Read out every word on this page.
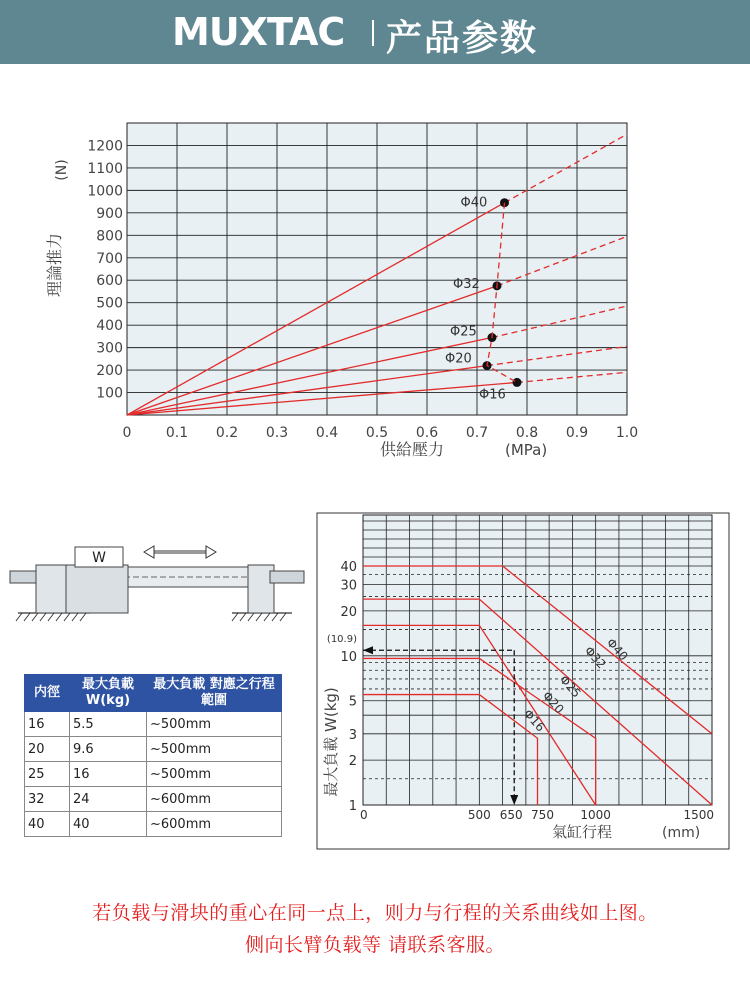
MUXTAC 产品参数
0 0.1 0.2 0.3 0.4 0.5 0.6 0.7 0.8 0.9 1.0
100
200
300
400
500
600
700
800
900
1000
1100
1200
供給壓力	(MPa)
理論推力
(N)
Φ40
Φ32
Φ25
Φ20
Φ16
W
内徑	最大負載 W(kg)	最大負載 對應之行程範圍
16	5.5	~500mm
20	9.6	~500mm
25	16	~500mm
32	24	~600mm
40	40	~600mm
1
2
3
5
10
20
30
40
(10.9)
0	500 650 750 1000	1500
氣缸行程	(mm)
最大負載 W(kg)
Φ40
Φ32
Φ25
Φ20
Φ16
若负载与滑块的重心在同一点上，则力与行程的关系曲线如上图。
侧向长臂负载等 请联系客服。
